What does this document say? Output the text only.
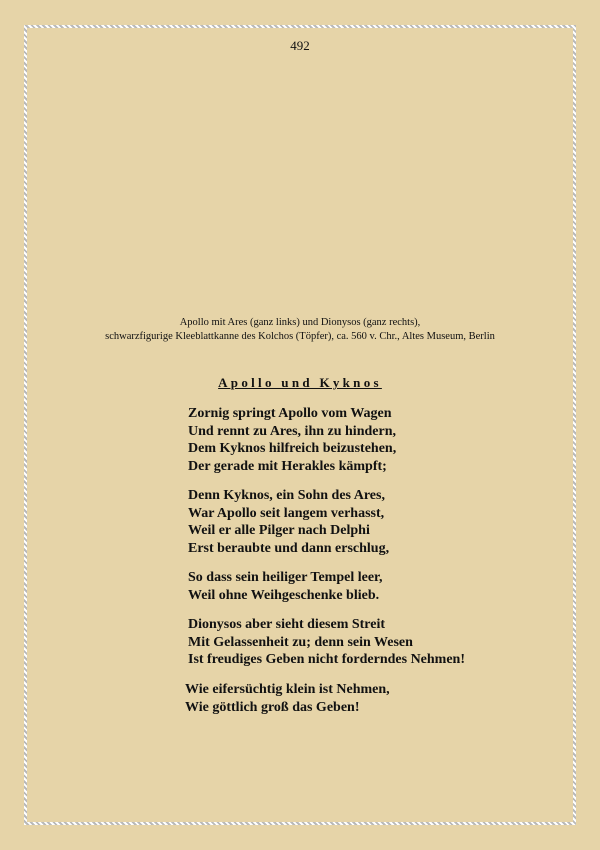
492
Apollo mit Ares (ganz links) und Dionysos (ganz rechts),
schwarzfigurige Kleeblattkanne des Kolchos (Töpfer), ca. 560 v. Chr., Altes Museum, Berlin
Apollo und Kyknos
Zornig springt Apollo vom Wagen
Und rennt zu Ares, ihn zu hindern,
Dem Kyknos hilfreich beizustehen,
Der gerade mit Herakles kämpft;
Denn Kyknos, ein Sohn des Ares,
War Apollo seit langem verhasst,
Weil er alle Pilger nach Delphi
Erst beraubte und dann erschlug,
So dass sein heiliger Tempel leer,
Weil ohne Weihgeschenke blieb.
Dionysos aber sieht diesem Streit
Mit Gelassenheit zu; denn sein Wesen
Ist freudiges Geben nicht forderndes Nehmen!
Wie eifersüchtig klein ist Nehmen,
Wie göttlich groß das Geben!
